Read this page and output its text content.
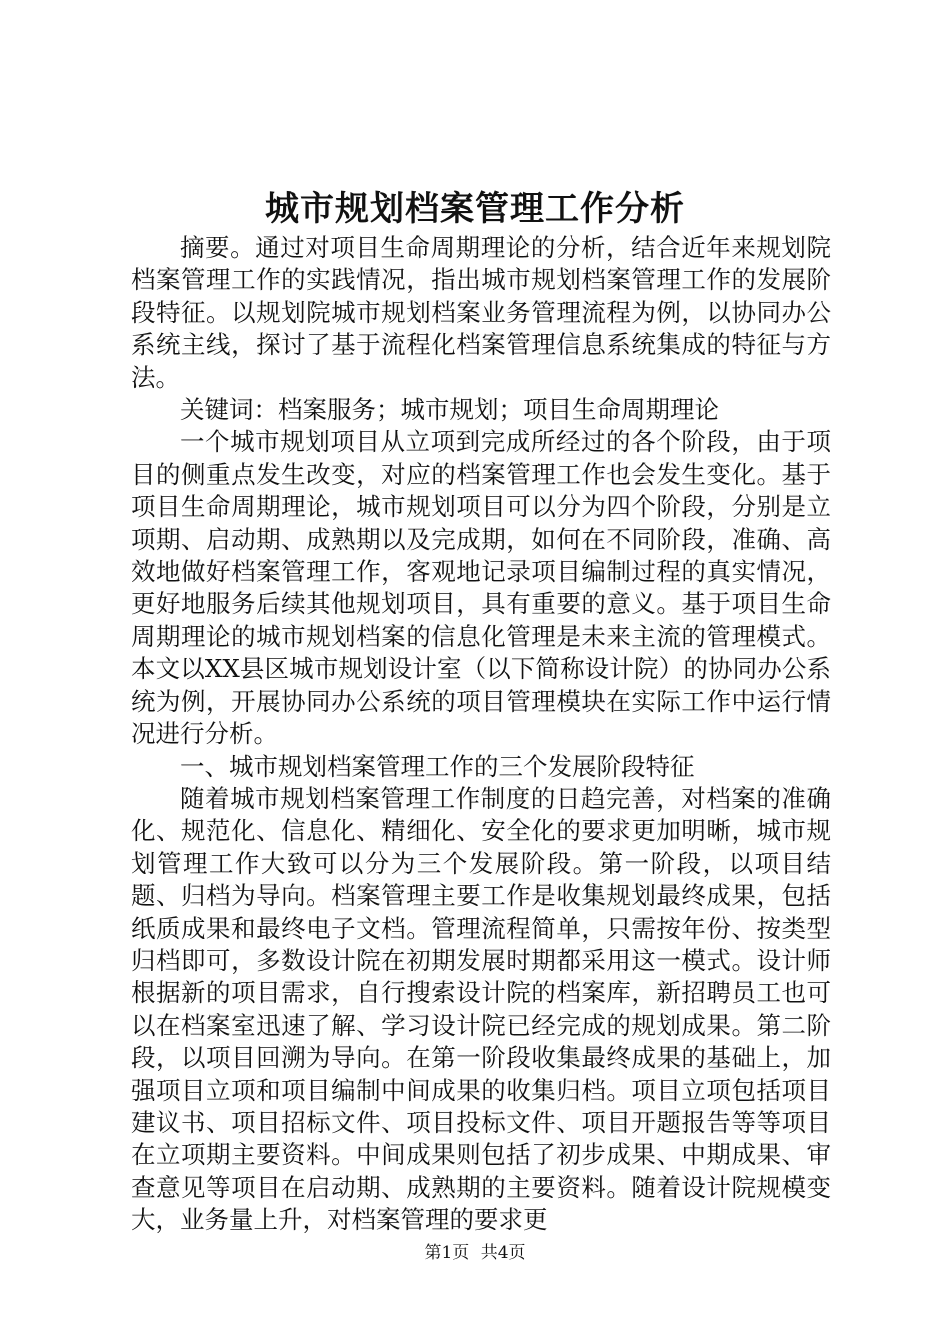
城市规划档案管理工作分析

摘要。通过对项目生命周期理论的分析，结合近年来规划院档案管理工作的实践情况，指出城市规划档案管理工作的发展阶段特征。以规划院城市规划档案业务管理流程为例，以协同办公系统主线，探讨了基于流程化档案管理信息系统集成的特征与方法。

关键词：档案服务；城市规划；项目生命周期理论

一个城市规划项目从立项到完成所经过的各个阶段，由于项目的侧重点发生改变，对应的档案管理工作也会发生变化。基于项目生命周期理论，城市规划项目可以分为四个阶段，分别是立项期、启动期、成熟期以及完成期，如何在不同阶段，准确、高效地做好档案管理工作，客观地记录项目编制过程的真实情况，更好地服务后续其他规划项目，具有重要的意义。基于项目生命周期理论的城市规划档案的信息化管理是未来主流的管理模式。本文以XX县区城市规划设计室（以下简称设计院）的协同办公系统为例，开展协同办公系统的项目管理模块在实际工作中运行情况进行分析。

一、城市规划档案管理工作的三个发展阶段特征

随着城市规划档案管理工作制度的日趋完善，对档案的准确化、规范化、信息化、精细化、安全化的要求更加明晰，城市规划管理工作大致可以分为三个发展阶段。第一阶段，以项目结题、归档为导向。档案管理主要工作是收集规划最终成果，包括纸质成果和最终电子文档。管理流程简单，只需按年份、按类型归档即可，多数设计院在初期发展时期都采用这一模式。设计师根据新的项目需求，自行搜索设计院的档案库，新招聘员工也可以在档案室迅速了解、学习设计院已经完成的规划成果。第二阶段，以项目回溯为导向。在第一阶段收集最终成果的基础上，加强项目立项和项目编制中间成果的收集归档。项目立项包括项目建议书、项目招标文件、项目投标文件、项目开题报告等等项目在立项期主要资料。中间成果则包括了初步成果、中期成果、审查意见等项目在启动期、成熟期的主要资料。随着设计院规模变大，业务量上升，对档案管理的要求更

第1页 共4页
